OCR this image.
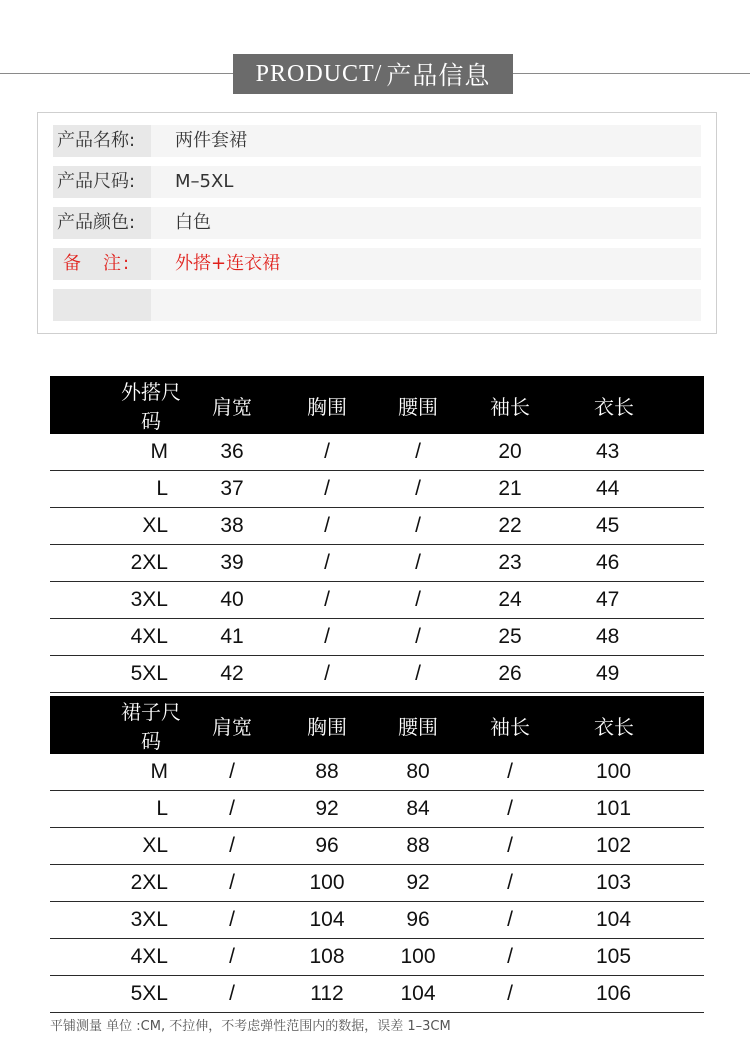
PRODUCT/ 产品信息
产品名称:	两件套裙
产品尺码:	M–5XL
产品颜色:	白色
备　注:	外搭+连衣裙
外搭尺码	肩宽	胸围	腰围	袖长	衣长
M	36	/	/	20	43
L	37	/	/	21	44
XL	38	/	/	22	45
2XL	39	/	/	23	46
3XL	40	/	/	24	47
4XL	41	/	/	25	48
5XL	42	/	/	26	49
裙子尺码	肩宽	胸围	腰围	袖长	衣长
M	/	88	80	/	100
L	/	92	84	/	101
XL	/	96	88	/	102
2XL	/	100	92	/	103
3XL	/	104	96	/	104
4XL	/	108	100	/	105
5XL	/	112	104	/	106
平铺测量 单位 :CM, 不拉伸，不考虑弹性范围内的数据，误差 1–3CM
